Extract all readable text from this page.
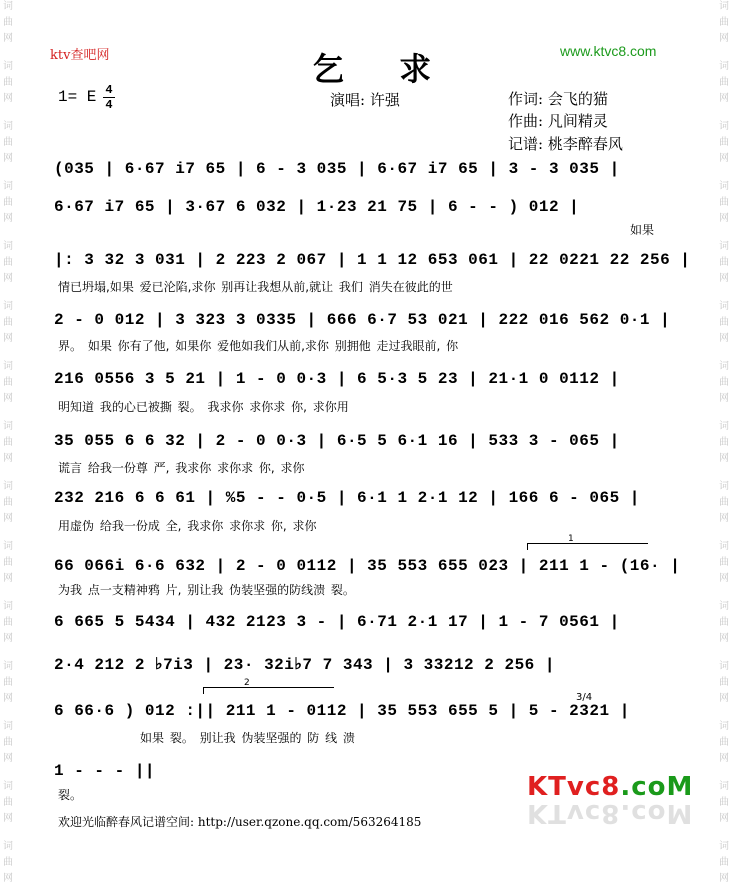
词
曲
网
词
曲
网
词
曲
网
词
曲
网
词
曲
网
词
曲
网
词
曲
网
词
曲
网
词
曲
网
词
曲
网
词
曲
网
词
曲
网
词
曲
网
词
曲
网
词
曲
网
词
曲
网
词
曲
网
词
曲
网
词
曲
网
词
曲
网
词
曲
网
词
曲
网
词
曲
网
词
曲
网
词
曲
网
词
曲
网
词
曲
网
词
曲
网
词
曲
网
词
曲
网
ktv查吧网	www.ktvc8.com
乞 求
1= E 4
4	演唱: 许强	作词: 会飞的猫
作曲: 凡间精灵
记谱: 桃李醉春风
(035 | 6·67 i7 65 | 6 - 3 035 | 6·67 i7 65 | 3 - 3 035 |
6·67 i7 65 | 3·67 6 032 | 1·23 21 75 | 6 - - ) 012 |
如果
|: 3 32 3 031 | 2 223 2 067 | 1 1 12 653 061 | 22 0221 22 256 |
情已坍塌,如果 爱已沦陷,求你 别再让我想从前,就让 我们 消失在彼此的世
2 - 0 012 | 3 323 3 0335 | 666 6·7 53 021 | 222 016 562 0·1 |
界。 如果 你有了他, 如果你 爱他如我们从前,求你 别拥他 走过我眼前, 你
216 0556 3 5 21 | 1 - 0 0·3 | 6 5·3 5 23 | 21·1 0 0112 |
明知道 我的心已被撕 裂。 我求你 求你求 你, 求你用
35 055 6 6 32 | 2 - 0 0·3 | 6·5 5 6·1 16 | 533 3 - 065 |
谎言 给我一份尊 严, 我求你 求你求 你, 求你
232 216 6 6 61 | %5 - - 0·5 | 6·1 1 2·1 12 | 166 6 - 065 |
用虚伪 给我一份成 全, 我求你 求你求 你, 求你
1
66 066i 6·6 632 | 2 - 0 0112 | 35 553 655 023 | 211 1 - (16· |
为我 点一支精神鸦 片, 别让我 伪装坚强的防线溃 裂。
6 665 5 5434 | 432 2123 3 - | 6·71 2·1 17 | 1 - 7 0561 |
2·4 212 2 ♭7i3 | 23· 32i♭7 7 343 | 3 33212 2 256 |
2
3/4
6 66·6 ) 012 :|| 211 1 - 0112 | 35 553 655 5 | 5 - 2321 |
如果 裂。 别让我 伪装坚强的 防 线 溃
1 - - - ||
裂。
欢迎光临醉春风记谱空间: http://user.qzone.qq.com/563264185
KTvc8.coM
KTvc8.coM
